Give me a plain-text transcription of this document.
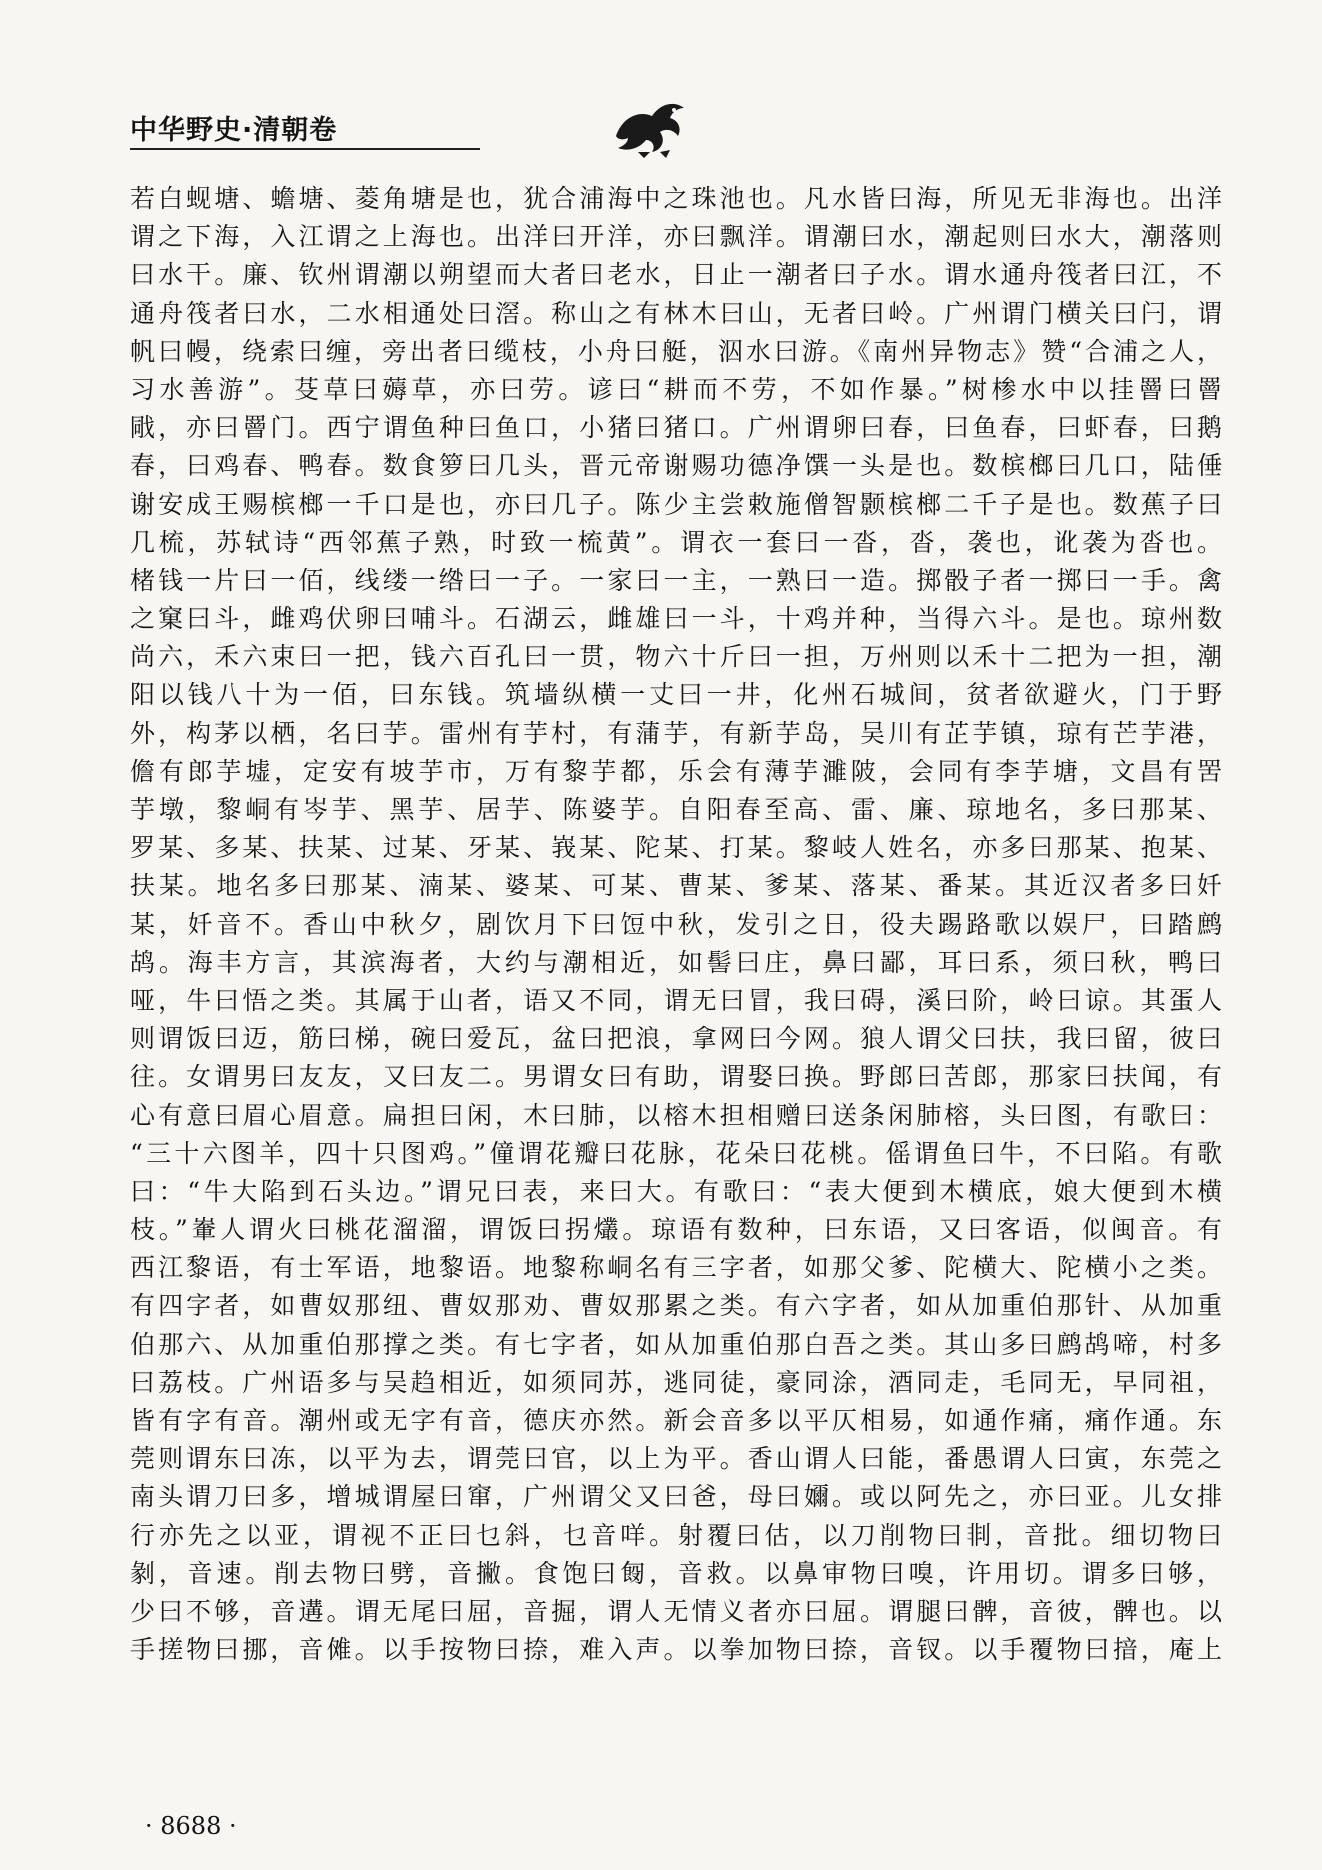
中华野史·清朝卷
若白蚬塘、蟾塘、菱角塘是也，犹合浦海中之珠池也。凡水皆曰海，所见无非海也。出洋
谓之下海，入江谓之上海也。出洋曰开洋，亦曰飘洋。谓潮曰水，潮起则曰水大，潮落则
曰水干。廉、钦州谓潮以朔望而大者曰老水，日止一潮者曰子水。谓水通舟筏者曰江，不
通舟筏者曰水，二水相通处曰滘。称山之有林木曰山，无者曰岭。广州谓门横关曰闩，谓
帆曰幔，绕索曰缠，旁出者曰缆枝，小舟曰艇，泅水曰游。《南州异物志》赞“合浦之人，
习水善游”。芟草曰薅草，亦曰劳。谚曰“耕而不劳，不如作暴。”树椮水中以挂罾曰罾
戙，亦曰罾门。西宁谓鱼种曰鱼口，小猪曰猪口。广州谓卵曰春，曰鱼春，曰虾春，曰鹅
春，曰鸡春、鸭春。数食箩曰几头，晋元帝谢赐功德净馔一头是也。数槟榔曰几口，陆倕
谢安成王赐槟榔一千口是也，亦曰几子。陈少主尝敕施僧智颢槟榔二千子是也。数蕉子曰
几梳，苏轼诗“西邻蕉子熟，时致一梳黄”。谓衣一套曰一沓，沓，袭也，讹袭为沓也。
楮钱一片曰一佰，线缕一绺曰一子。一家曰一主，一熟曰一造。掷骰子者一掷曰一手。禽
之窠曰斗，雌鸡伏卵曰哺斗。石湖云，雌雄曰一斗，十鸡并种，当得六斗。是也。琼州数
尚六，禾六束曰一把，钱六百孔曰一贯，物六十斤曰一担，万州则以禾十二把为一担，潮
阳以钱八十为一佰，曰东钱。筑墙纵横一丈曰一井，化州石城间，贫者欲避火，门于野
外，构茅以栖，名曰芋。雷州有芋村，有蒲芋，有新芋岛，吴川有芷芋镇，琼有芒芋港，
儋有郎芋墟，定安有坡芋市，万有黎芋都，乐会有薄芋濉陂，会同有李芋塘，文昌有罟
芋墩，黎峒有岑芋、黑芋、居芋、陈婆芋。自阳春至高、雷、廉、琼地名，多曰那某、
罗某、多某、扶某、过某、牙某、峩某、陀某、打某。黎岐人姓名，亦多曰那某、抱某、
扶某。地名多曰那某、湳某、婆某、可某、曹某、爹某、落某、番某。其近汉者多曰奷
某，奷音不。香山中秋夕，剧饮月下曰饾中秋，发引之日，役夫踢路歌以娱尸，曰踏鹧
鸪。海丰方言，其滨海者，大约与潮相近，如髻曰庄，鼻曰鄙，耳曰系，须曰秋，鸭曰
哑，牛曰悟之类。其属于山者，语又不同，谓无曰冒，我曰碍，溪曰阶，岭曰谅。其蛋人
则谓饭曰迈，筋曰梯，碗曰爱瓦，盆曰把浪，拿网曰今网。狼人谓父曰扶，我曰留，彼曰
往。女谓男曰友友，又曰友二。男谓女曰有助，谓娶曰换。野郎曰苦郎，那家曰扶闻，有
心有意曰眉心眉意。扁担曰闲，木曰肺，以榕木担相赠曰送条闲肺榕，头曰图，有歌曰：
“三十六图羊，四十只图鸡。”僮谓花瓣曰花脉，花朵曰花桃。傜谓鱼曰牛，不曰陷。有歌
曰：“牛大陷到石头边。”谓兄曰表，来曰大。有歌曰：“表大便到木横底，娘大便到木横
枝。”輋人谓火曰桃花溜溜，谓饭曰拐爜。琼语有数种，曰东语，又曰客语，似闽音。有
西江黎语，有士军语，地黎语。地黎称峒名有三字者，如那父爹、陀横大、陀横小之类。
有四字者，如曹奴那纽、曹奴那劝、曹奴那累之类。有六字者，如从加重伯那针、从加重
伯那六、从加重伯那撑之类。有七字者，如从加重伯那白吾之类。其山多曰鹧鸪啼，村多
曰荔枝。广州语多与吴趋相近，如须同苏，逃同徒，豪同涂，酒同走，毛同无，早同祖，
皆有字有音。潮州或无字有音，德庆亦然。新会音多以平仄相易，如通作痛，痛作通。东
莞则谓东曰冻，以平为去，谓莞曰官，以上为平。香山谓人曰能，番愚谓人曰寅，东莞之
南头谓刀曰多，增城谓屋曰窜，广州谓父又曰爸，母曰嬭。或以阿先之，亦曰亚。儿女排
行亦先之以亚，谓视不正曰乜斜，乜音咩。射覆曰估，以刀削物曰剕，音批。细切物曰
剶，音速。削去物曰劈，音撇。食饱曰匓，音救。以鼻审物曰嗅，许用切。谓多曰够，
少曰不够，音遘。谓无尾曰屈，音掘，谓人无情义者亦曰屈。谓腿曰髀，音彼，髀也。以
手搓物曰挪，音傩。以手按物曰捺，难入声。以拳加物曰捺，音钗。以手覆物曰揞，庵上
· 8688 ·
